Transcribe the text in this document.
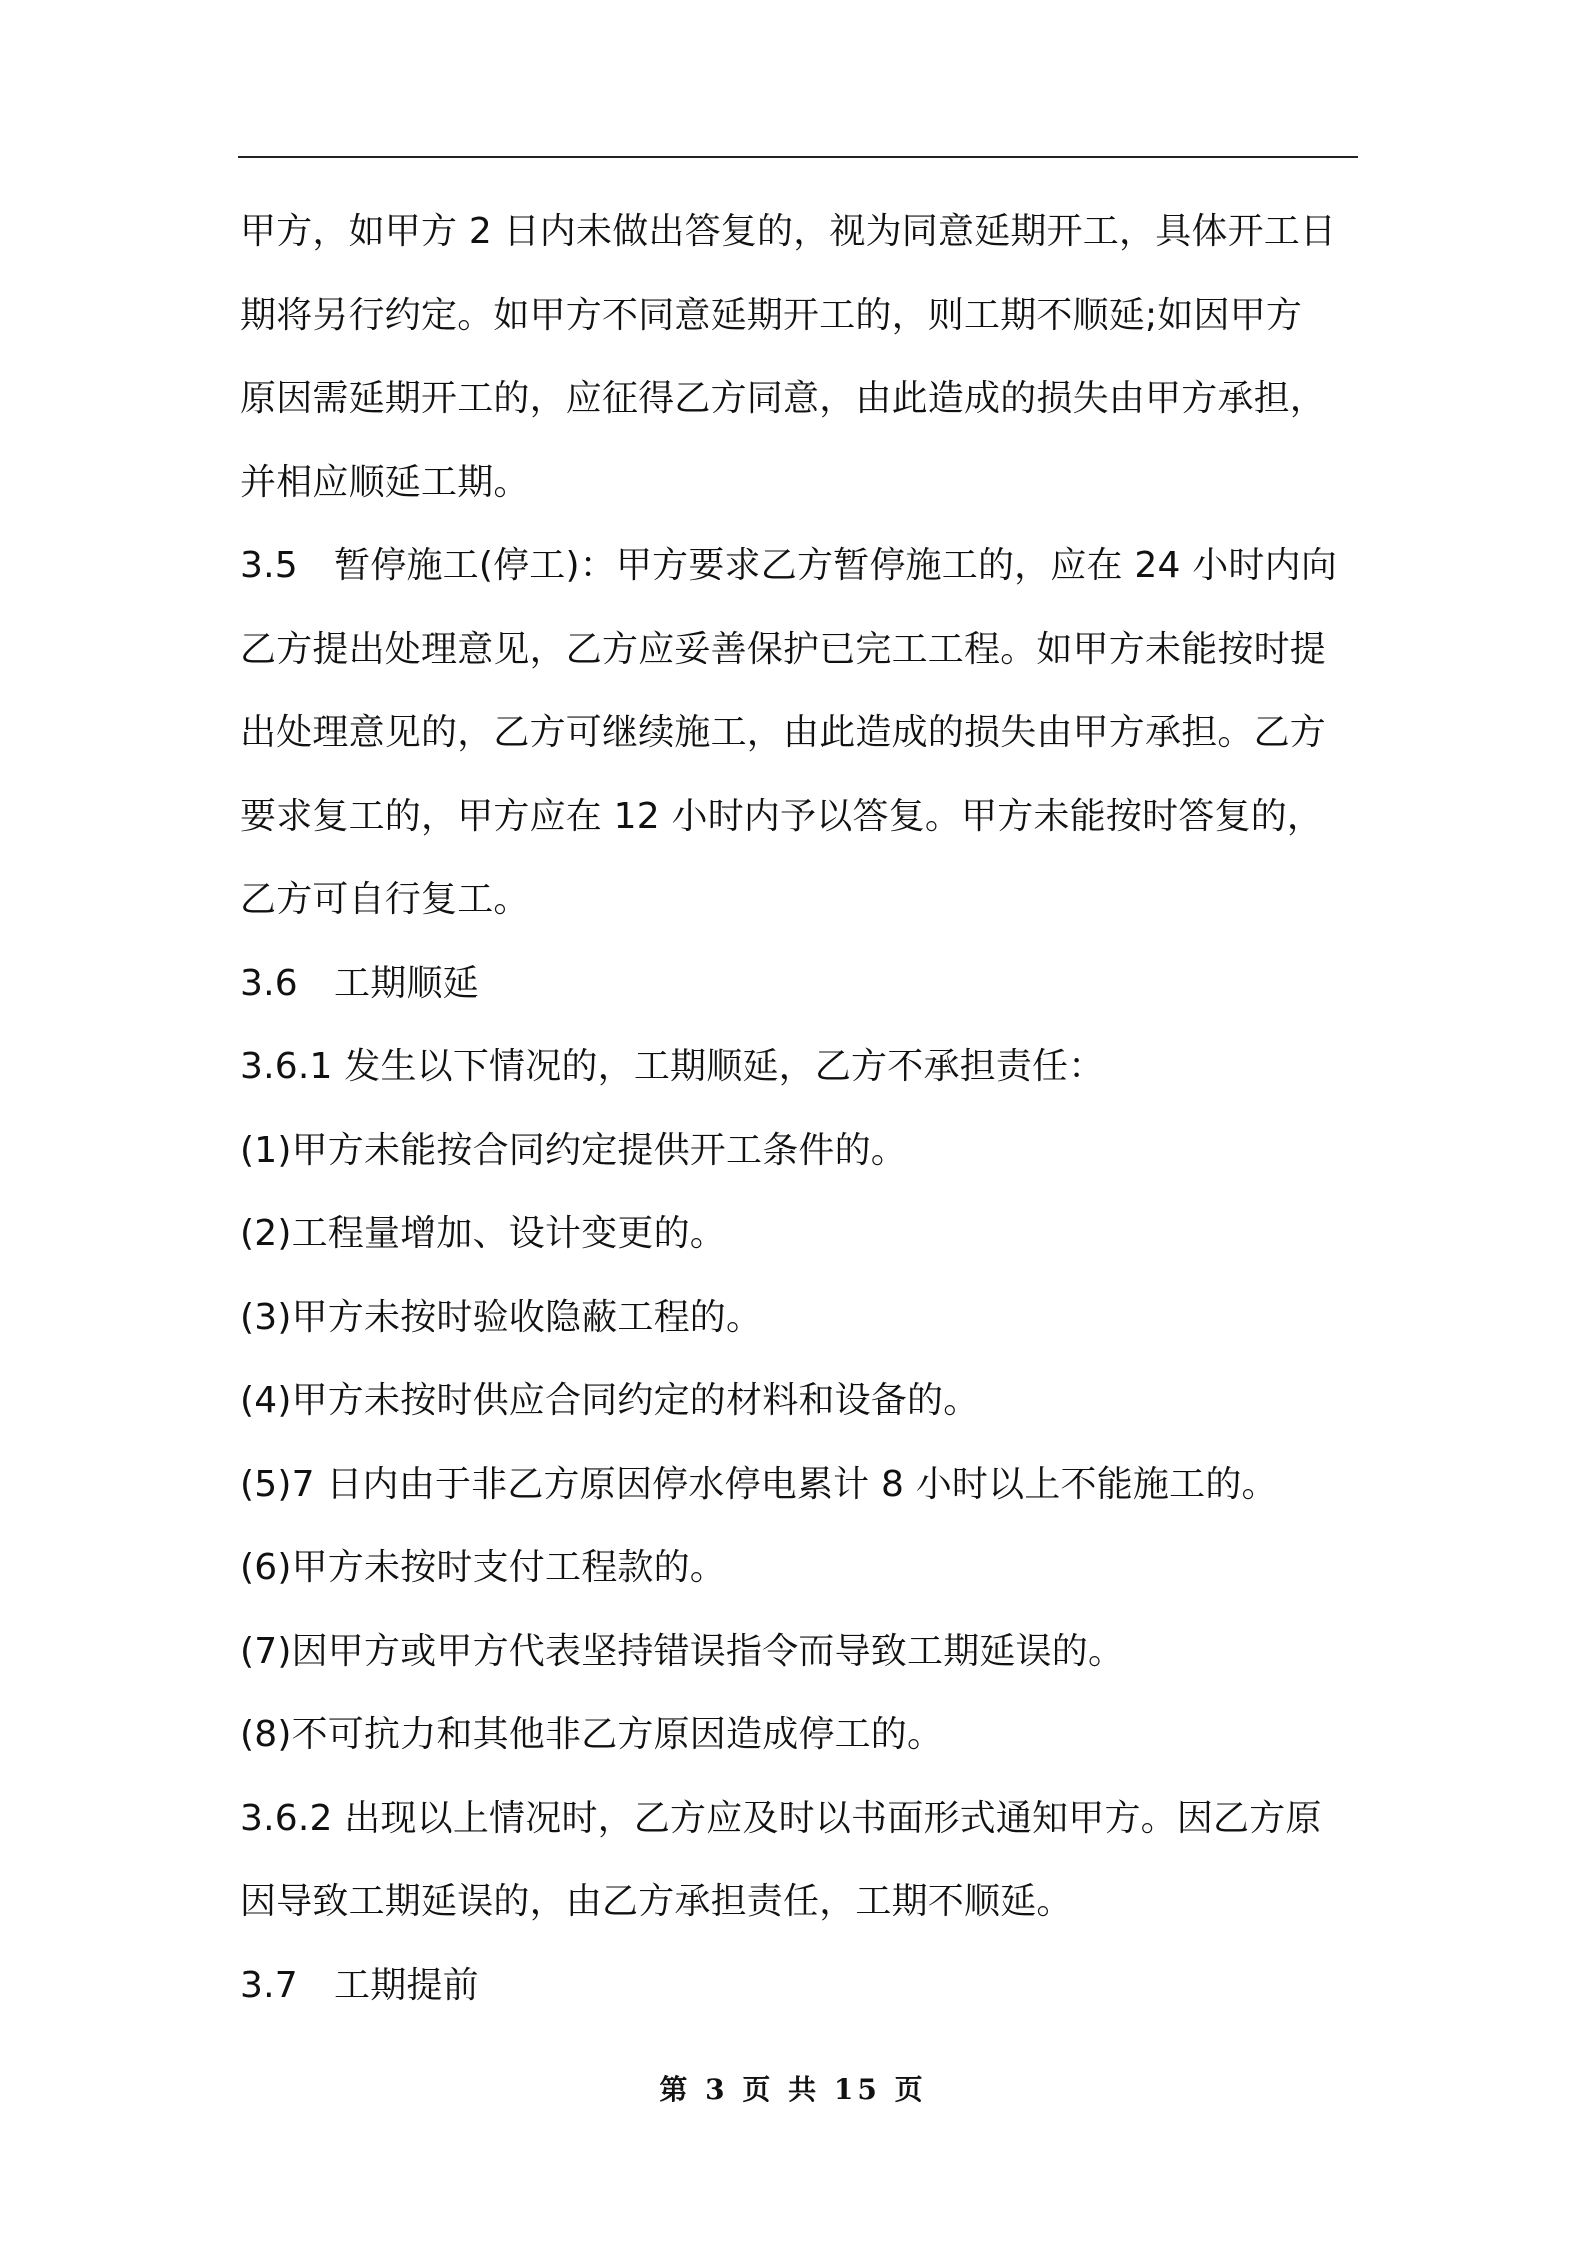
甲方，如甲方 2 日内未做出答复的，视为同意延期开工，具体开工日
期将另行约定。如甲方不同意延期开工的，则工期不顺延;如因甲方
原因需延期开工的，应征得乙方同意，由此造成的损失由甲方承担，
并相应顺延工期。
3.5　暂停施工(停工)：甲方要求乙方暂停施工的，应在 24 小时内向
乙方提出处理意见，乙方应妥善保护已完工工程。如甲方未能按时提
出处理意见的，乙方可继续施工，由此造成的损失由甲方承担。乙方
要求复工的，甲方应在 12 小时内予以答复。甲方未能按时答复的，
乙方可自行复工。
3.6　工期顺延
3.6.1 发生以下情况的，工期顺延，乙方不承担责任：
(1)甲方未能按合同约定提供开工条件的。
(2)工程量增加、设计变更的。
(3)甲方未按时验收隐蔽工程的。
(4)甲方未按时供应合同约定的材料和设备的。
(5)7 日内由于非乙方原因停水停电累计 8 小时以上不能施工的。
(6)甲方未按时支付工程款的。
(7)因甲方或甲方代表坚持错误指令而导致工期延误的。
(8)不可抗力和其他非乙方原因造成停工的。
3.6.2 出现以上情况时，乙方应及时以书面形式通知甲方。因乙方原
因导致工期延误的，由乙方承担责任，工期不顺延。
3.7　工期提前
第 3 页 共 15 页
